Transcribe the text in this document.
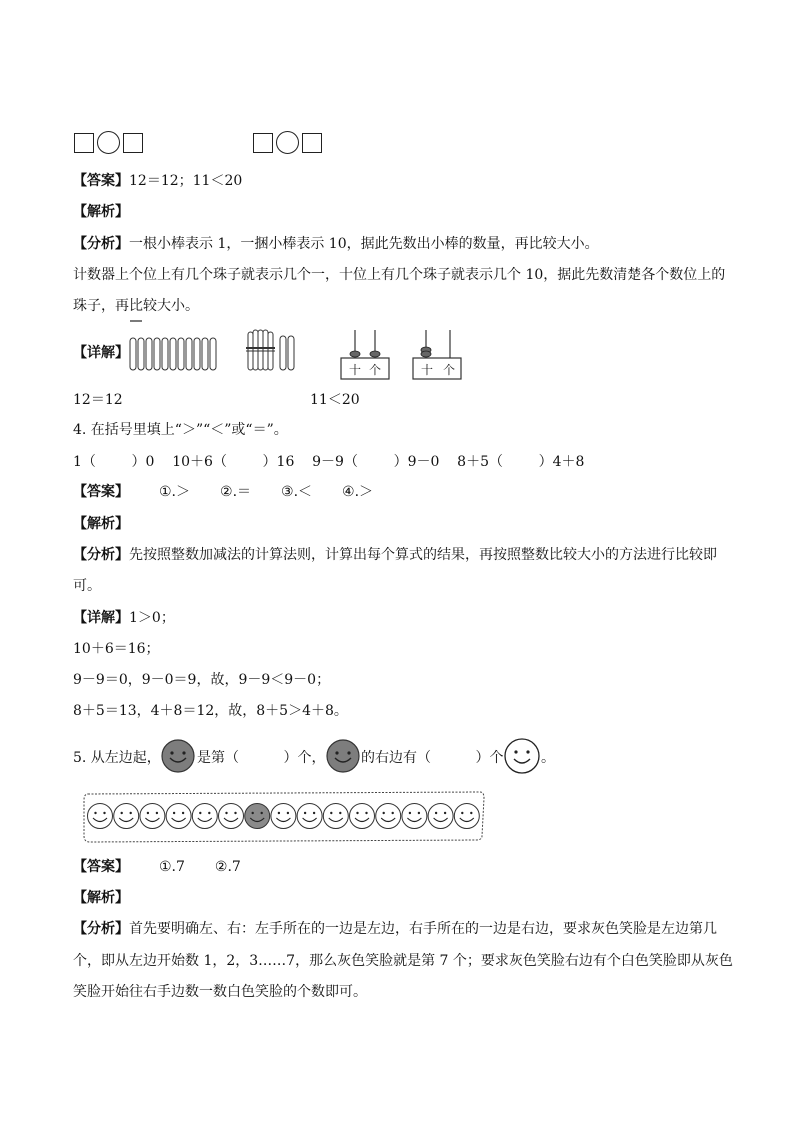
【答案】12＝12；11＜20
【解析】
【分析】一根小棒表示 1，一捆小棒表示 10，据此先数出小棒的数量，再比较大小。
计数器上个位上有几个珠子就表示几个一，十位上有几个珠子就表示几个 10，据此先数清楚各个数位上的
珠子，再比较大小。
【详解】
十 个	十 个
12＝12	11＜20
4. 在括号里填上“＞”“＜”或“＝”。
1（        ）0    10＋6（        ）16    9－9（        ）9－0    8＋5（        ）4＋8
【答案】 ①.＞ ②.＝ ③.＜ ④.＞
【解析】
【分析】先按照整数加减法的计算法则，计算出每个算式的结果，再按照整数比较大小的方法进行比较即
可。
【详解】1＞0；
10＋6＝16；
9－9＝0，9－0＝9，故，9－9＜9－0；
8＋5＝13，4＋8＝12，故，8＋5＞4＋8。
5. 从左边起，	是第（          ）个，	的右边有（          ）个	。
【答案】 ①.7 ②.7
【解析】
【分析】首先要明确左、右：左手所在的一边是左边，右手所在的一边是右边，要求灰色笑脸是左边第几
个，即从左边开始数 1，2，3……7，那么灰色笑脸就是第 7 个；要求灰色笑脸右边有个白色笑脸即从灰色
笑脸开始往右手边数一数白色笑脸的个数即可。
